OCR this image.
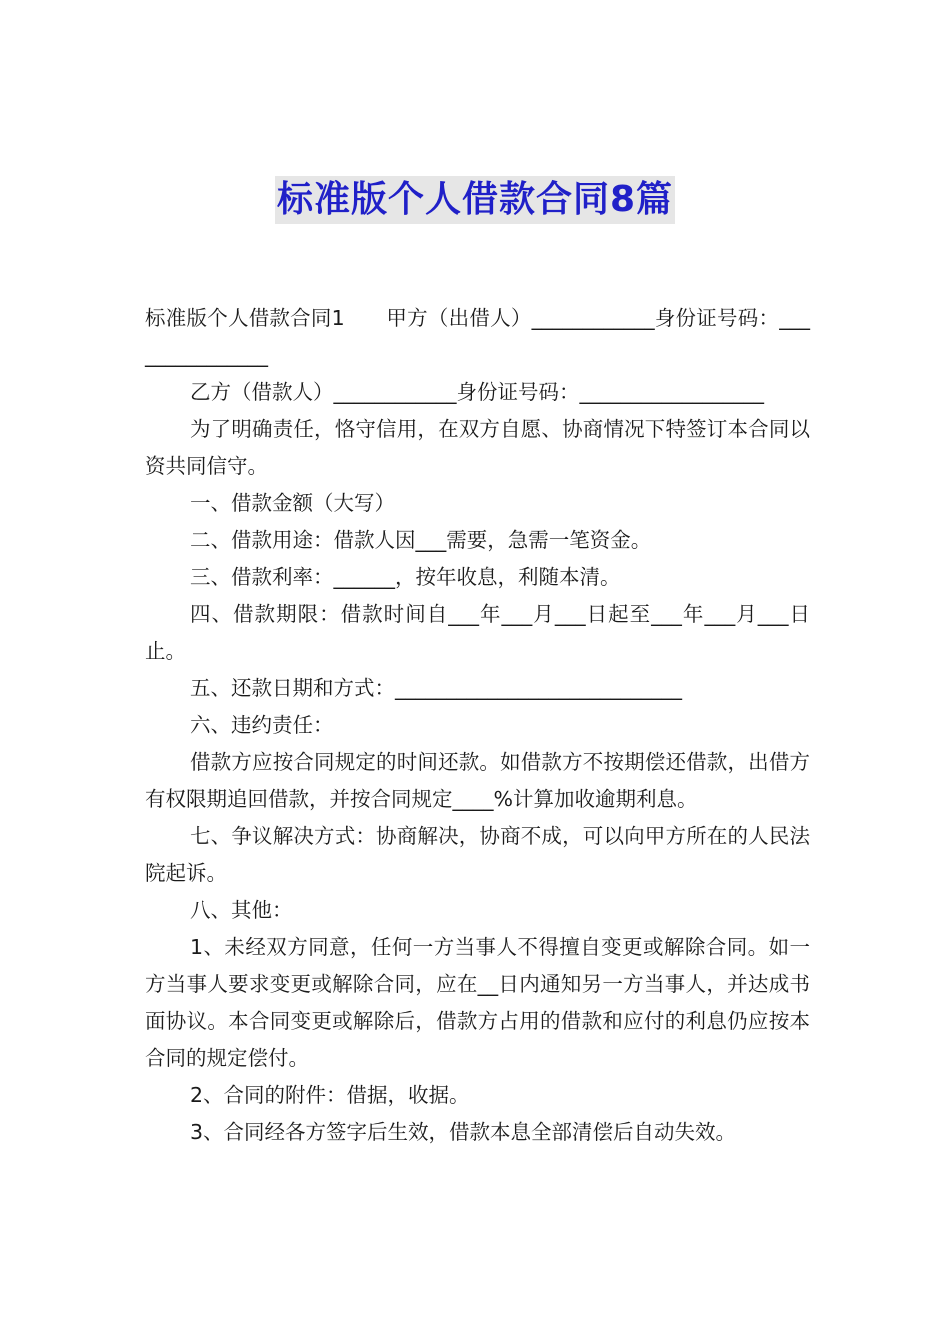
标准版个人借款合同8篇

标准版个人借款合同1　　甲方（出借人）____________身份证号码：_______________

乙方（借款人）____________身份证号码：__________________

为了明确责任，恪守信用，在双方自愿、协商情况下特签订本合同以资共同信守。

一、借款金额（大写）

二、借款用途：借款人因___需要，急需一笔资金。

三、借款利率：______，按年收息，利随本清。

四、借款期限：借款时间自___年___月___日起至___年___月___日止。

五、还款日期和方式：____________________________

六、违约责任：

借款方应按合同规定的时间还款。如借款方不按期偿还借款，出借方有权限期追回借款，并按合同规定____%计算加收逾期利息。

七、争议解决方式：协商解决，协商不成，可以向甲方所在的人民法院起诉。

八、其他：

1、未经双方同意，任何一方当事人不得擅自变更或解除合同。如一方当事人要求变更或解除合同，应在__日内通知另一方当事人，并达成书面协议。本合同变更或解除后，借款方占用的借款和应付的利息仍应按本合同的规定偿付。

2、合同的附件：借据，收据。

3、合同经各方签字后生效，借款本息全部清偿后自动失效。
